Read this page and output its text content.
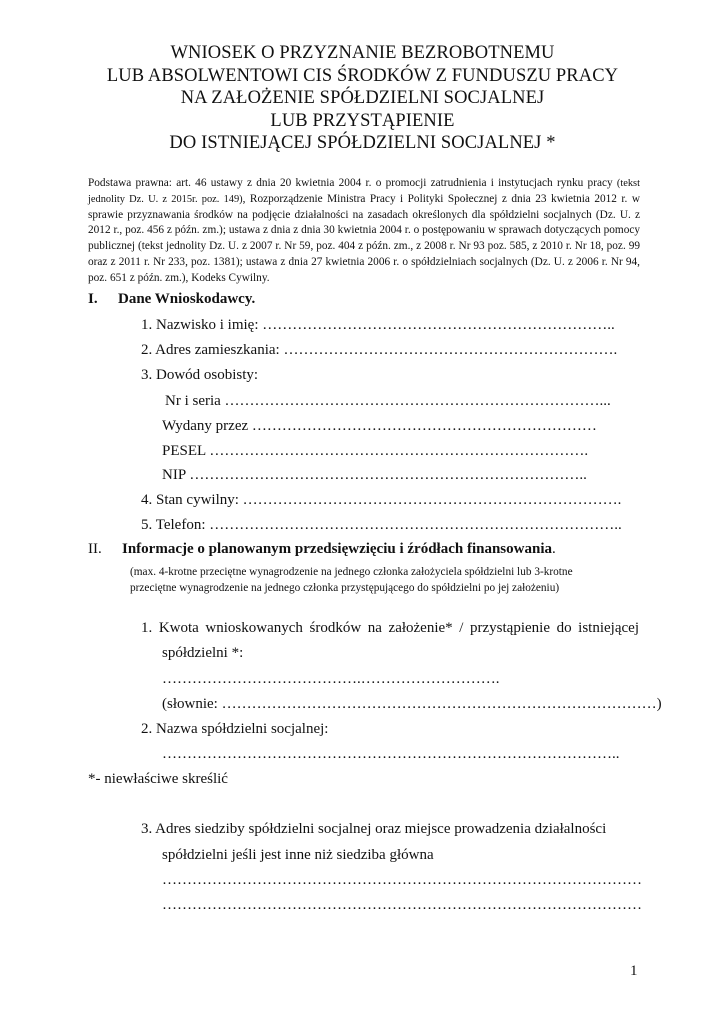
WNIOSEK O PRZYZNANIE BEZROBOTNEMU
LUB ABSOLWENTOWI CIS ŚRODKÓW Z FUNDUSZU PRACY
NA ZAŁOŻENIE SPÓŁDZIELNI SOCJALNEJ
LUB PRZYSTĄPIENIE
DO ISTNIEJĄCEJ SPÓŁDZIELNI SOCJALNEJ *
Podstawa prawna: art. 46 ustawy z dnia 20 kwietnia 2004 r. o promocji zatrudnienia i instytucjach rynku pracy (tekst jednolity Dz. U. z 2015r. poz. 149), Rozporządzenie Ministra Pracy i Polityki Społecznej z dnia 23 kwietnia 2012 r. w sprawie przyznawania środków na podjęcie działalności na zasadach określonych dla spółdzielni socjalnych (Dz. U. z 2012 r., poz. 456 z późn. zm.); ustawa z dnia z dnia 30 kwietnia 2004 r. o postępowaniu w sprawach dotyczących pomocy publicznej (tekst jednolity Dz. U. z 2007 r. Nr 59, poz. 404 z późn. zm., z 2008 r. Nr 93 poz. 585, z 2010 r. Nr 18, poz. 99 oraz z 2011 r. Nr 233, poz. 1381); ustawa z dnia 27 kwietnia 2006 r. o spółdzielniach socjalnych (Dz. U. z 2006 r. Nr 94, poz. 651 z późn. zm.), Kodeks Cywilny.
I. Dane Wnioskodawcy.
1. Nazwisko i imię: ……………………………………………………………..
2. Adres zamieszkania: ………………………………………………………….
3. Dowód osobisty:
Nr i seria …………………………………………………………………...
Wydany przez ……………………………………………………………
PESEL ………………………………………………………………….
NIP ……………………………………………………………………..
4. Stan cywilny: ………………………………………………………………….
5. Telefon: ………………………………………………………………………..
II. Informacje o planowanym przedsięwzięciu i źródłach finansowania.
(max. 4-krotne przeciętne wynagrodzenie na jednego członka założyciela spółdzielni lub 3-krotne przeciętne wynagrodzenie na jednego członka przystępującego do spółdzielni po jej założeniu)
1. Kwota wnioskowanych środków na założenie* / przystąpienie do istniejącej
spółdzielni *:
………………………………….……………………….
(słownie: ……………………………………………………………………………)
2. Nazwa spółdzielni socjalnej:
………………………………………………………………………………..
*- niewłaściwe skreślić
3. Adres siedziby spółdzielni socjalnej oraz miejsce prowadzenia działalności
spółdzielni jeśli jest inne niż siedziba główna
……………………………………………………………………………………
……………………………………………………………………………………
1
